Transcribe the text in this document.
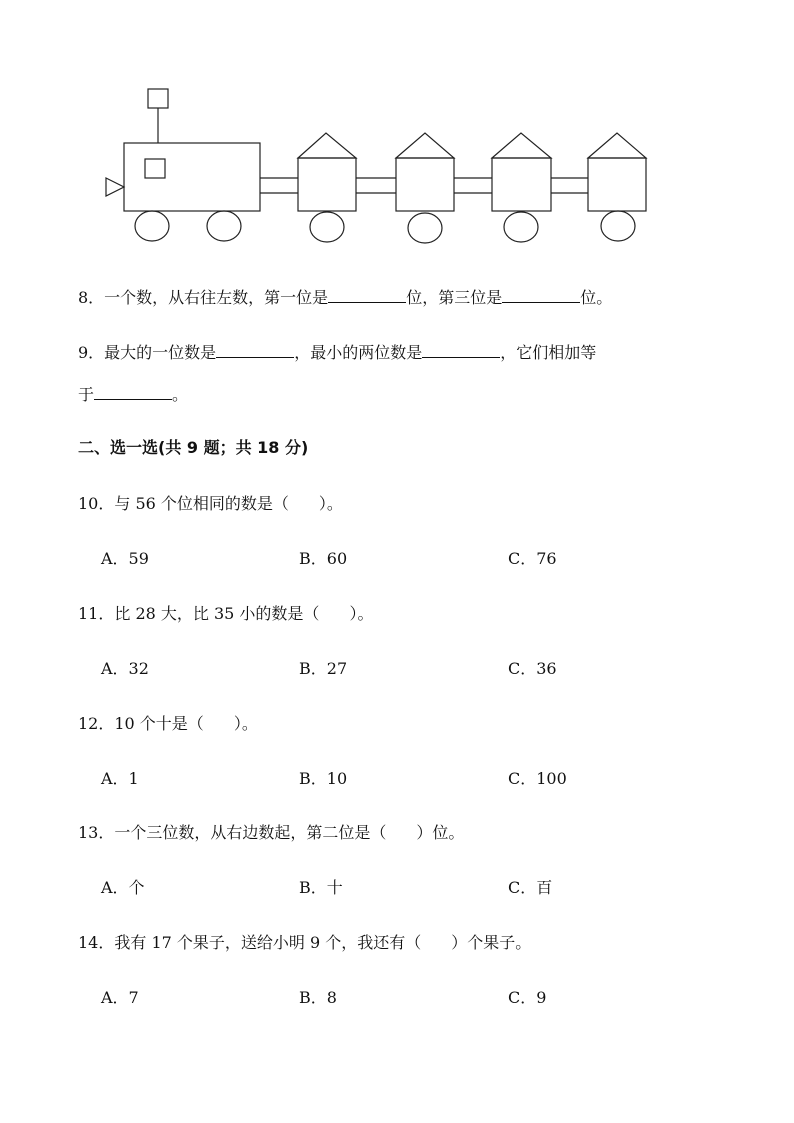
8．一个数，从右往左数，第一位是	位，第三位是	位。
9．最大的一位数是	，最小的两位数是	，它们相加等
于	。
二、选一选(共 9 题；共 18 分)
10．与 56 个位相同的数是（ ）。
A．59	B．60	C．76
11．比 28 大，比 35 小的数是（ ）。
A．32	B．27	C．36
12．10 个十是（ ）。
A．1	B．10	C．100
13．一个三位数，从右边数起，第二位是（ ）位。
A．个	B．十	C．百
14．我有 17 个果子，送给小明 9 个，我还有（ ）个果子。
A．7	B．8	C．9
